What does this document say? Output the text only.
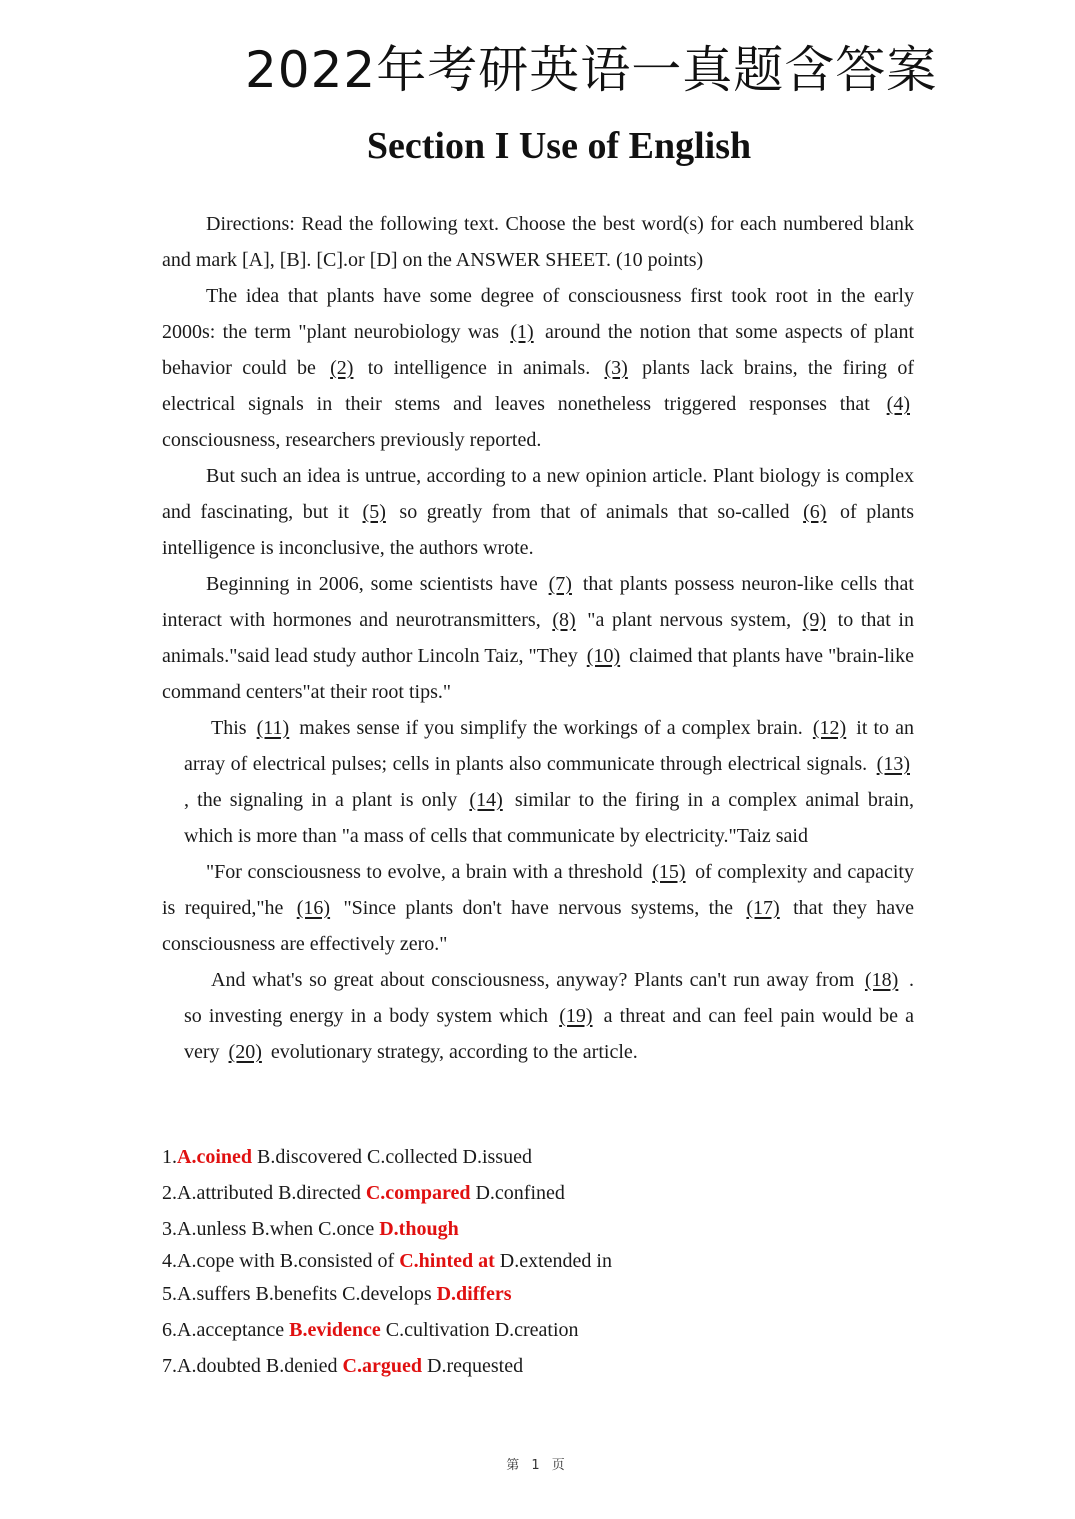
2022年考研英语一真题含答案
Section I Use of English

Directions: Read the following text. Choose the best word(s) for each numbered blank and mark [A], [B]. [C].or [D] on the ANSWER SHEET. (10 points)

The idea that plants have some degree of consciousness first took root in the early 2000s: the term "plant neurobiology was (1) around the notion that some aspects of plant behavior could be (2) to intelligence in animals. (3) plants lack brains, the firing of electrical signals in their stems and leaves nonetheless triggered responses that (4) consciousness, researchers previously reported.

But such an idea is untrue, according to a new opinion article. Plant biology is complex and fascinating, but it (5) so greatly from that of animals that so-called (6) of plants intelligence is inconclusive, the authors wrote.

Beginning in 2006, some scientists have (7) that plants possess neuron-like cells that interact with hormones and neurotransmitters, (8) "a plant nervous system, (9) to that in animals."said lead study author Lincoln Taiz, "They (10) claimed that plants have "brain-like command centers"at their root tips."

This (11) makes sense if you simplify the workings of a complex brain. (12) it to an array of electrical pulses; cells in plants also communicate through electrical signals. (13) , the signaling in a plant is only (14) similar to the firing in a complex animal brain, which is more than "a mass of cells that communicate by electricity."Taiz said

"For consciousness to evolve, a brain with a threshold (15) of complexity and capacity is required,"he (16) "Since plants don't have nervous systems, the (17) that they have consciousness are effectively zero."

And what's so great about consciousness, anyway? Plants can't run away from (18) . so investing energy in a body system which (19) a threat and can feel pain would be a very (20) evolutionary strategy, according to the article.

1.A.coined B.discovered C.collected D.issued
2.A.attributed B.directed C.compared D.confined
3.A.unless B.when C.once D.though
4.A.cope with B.consisted of C.hinted at D.extended in
5.A.suffers B.benefits C.develops D.differs
6.A.acceptance B.evidence C.cultivation D.creation
7.A.doubted B.denied C.argued D.requested
第 1 页
